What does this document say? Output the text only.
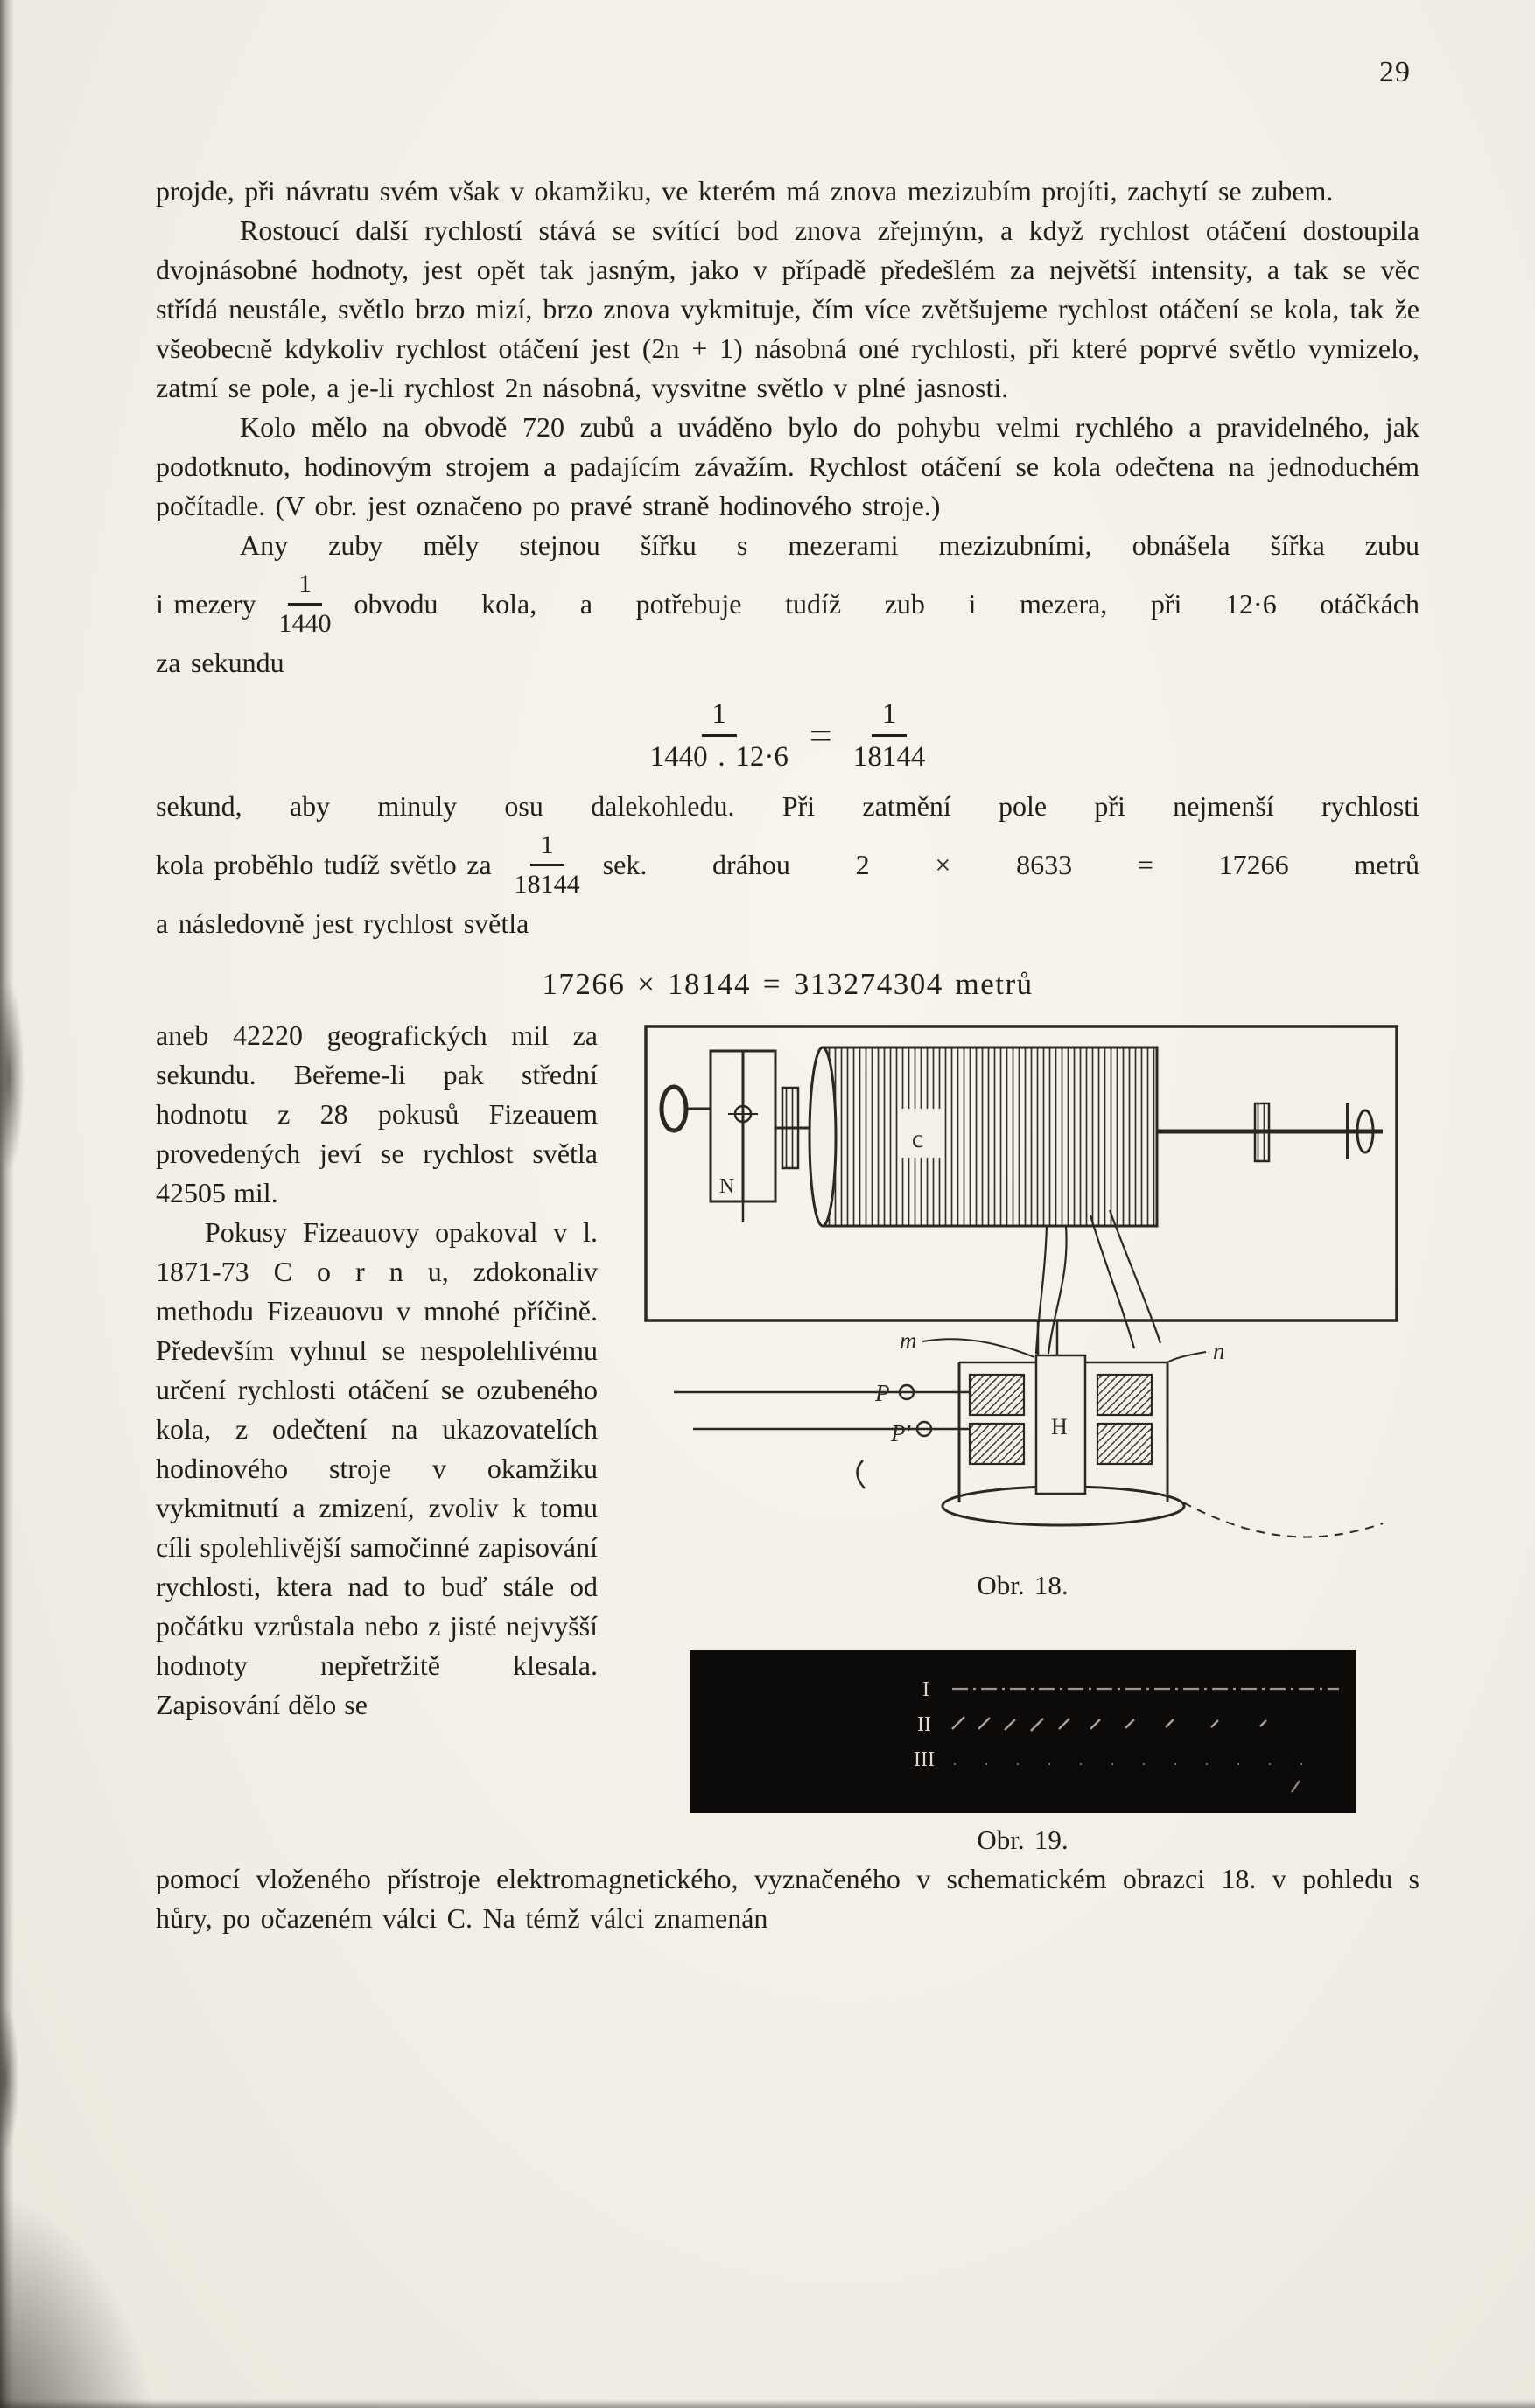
29

projde, při návratu svém však v okamžiku, ve kterém má znova mezizubím projíti, zachytí se zubem.

Rostoucí další rychlostí stává se svítící bod znova zřejmým, a když rychlost otáčení dostoupila dvojnásobné hodnoty, jest opět tak jasným, jako v případě předešlém za největší intensity, a tak se věc střídá neustále, světlo brzo mizí, brzo znova vykmituje, čím více zvětšujeme rychlost otáčení se kola, tak že všeobecně kdykoliv rychlost otáčení jest (2n + 1) násobná oné rychlosti, při které poprvé světlo vymizelo, zatmí se pole, a je-li rychlost 2n násobná, vysvitne světlo v plné jasnosti.

Kolo mělo na obvodě 720 zubů a uváděno bylo do pohybu velmi rychlého a pravidelného, jak podotknuto, hodinovým strojem a padajícím závažím. Rychlost otáčení se kola odečtena na jednoduchém počítadle. (V obr. jest označeno po pravé straně hodinového stroje.)

Any zuby měly stejnou šířku s mezerami mezizubními, obnášela šířka zubu
i mezery $\frac{1}{1440}$ obvodu kola, a potřebuje tudíž zub i mezera, při 12·6 otáčkách
za sekundu
$\frac{1}{1440 . 12\cdot 6} = \frac{1}{18144}$
sekund, aby minuly osu dalekohledu. Při zatmění pole při nejmenší rychlosti
kola proběhlo tudíž světlo za $\frac{1}{18144}$ sek. dráhou 2 × 8633 = 17266 metrů
a následovně jest rychlost světla
17266 × 18144 = 313274304 metrů

aneb 42220 geografických mil za sekundu. Beřeme-li pak střední hodnotu z 28 pokusů Fizeauem provedených jeví se rychlost světla 42505 mil.

Pokusy Fizeauovy opakoval v l. 1871-73 C o r n u, zdokonaliv methodu Fizeauovu v mnohé příčině. Především vyhnul se nespolehlivému určení rychlosti otáčení se ozubeného kola, z odečtení na ukazovatelích hodinového stroje v okamžiku vykmitnutí a zmizení, zvoliv k tomu cíli spolehlivější samočinné zapisování rychlosti, ktera nad to buď stále od počátku vzrůstala nebo z jisté nejvyšší hodnoty nepřetržitě klesala. Zapisování dělo se

N
c
H
m	n
P
P'
Obr. 18.
I
II
III
Obr. 19.

pomocí vloženého přístroje elektromagnetického, vyznačeného v schematickém obrazci 18. v pohledu s hůry, po očazeném válci C. Na témž válci znamenán
